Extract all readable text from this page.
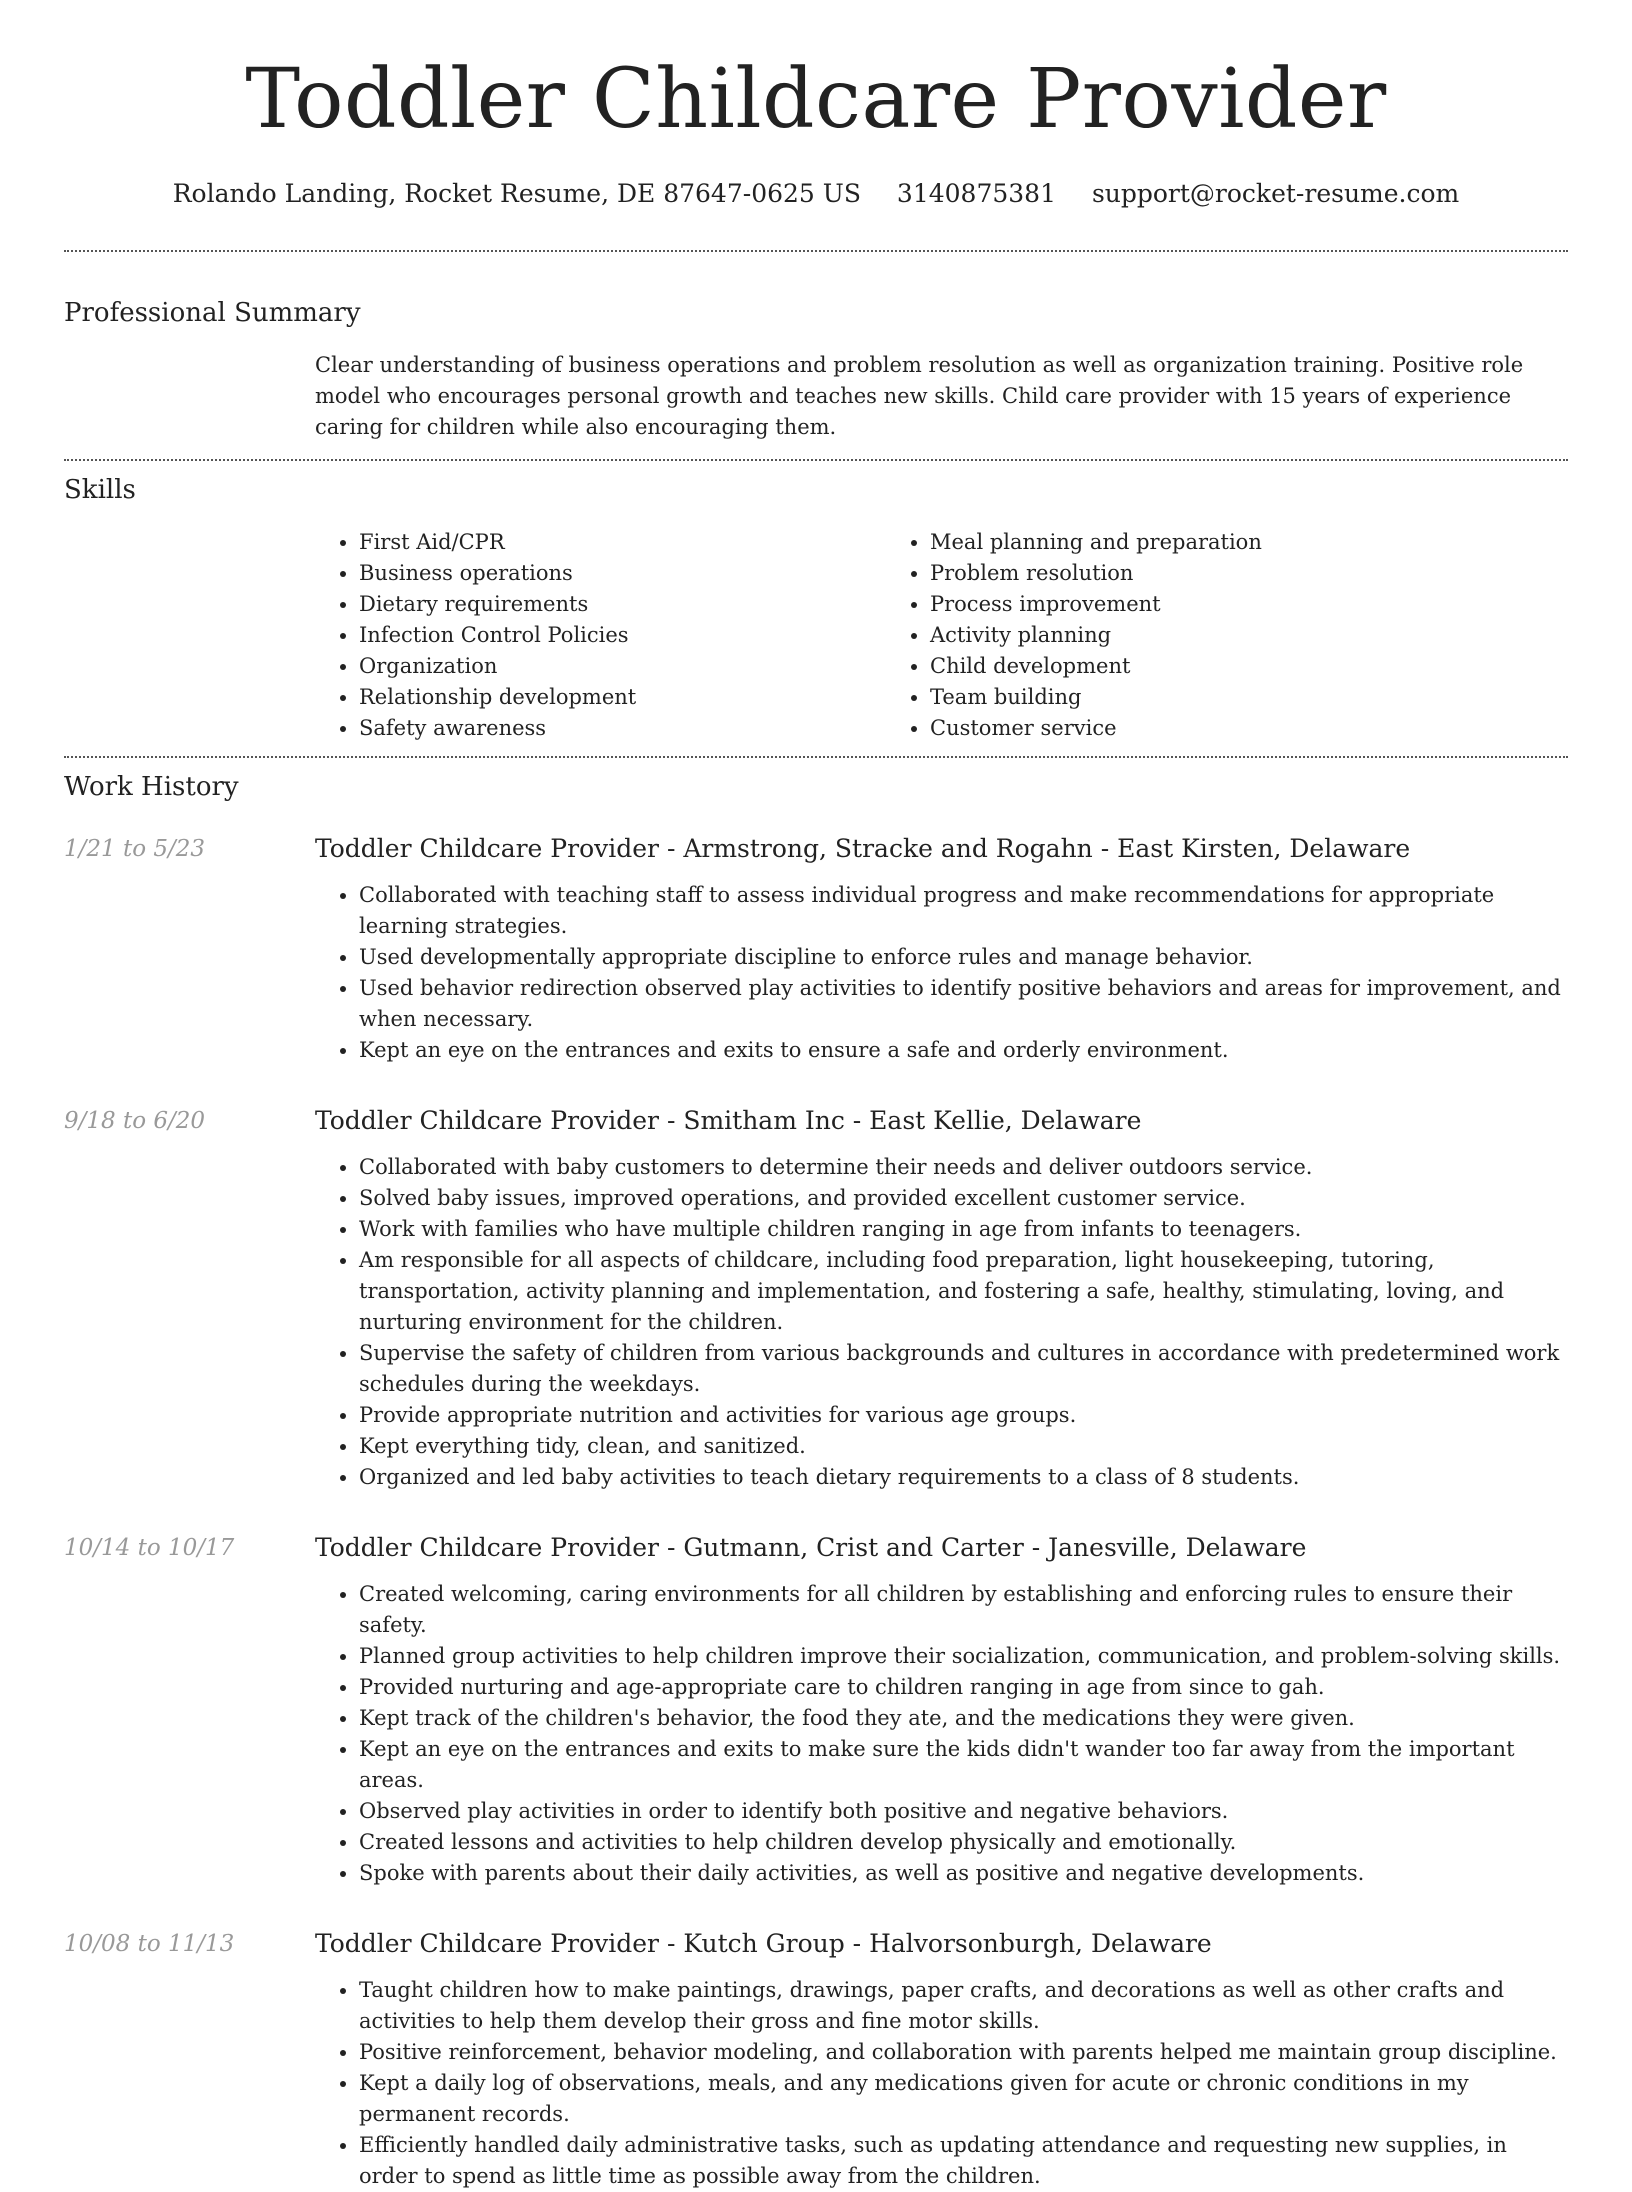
Toddler Childcare Provider
Rolando Landing, Rocket Resume, DE 87647-0625 US 3140875381 support@rocket-resume.com
Professional Summary
Clear understanding of business operations and problem resolution as well as organization training. Positive role model who encourages personal growth and teaches new skills. Child care provider with 15 years of experience caring for children while also encouraging them.
Skills
• First Aid/CPR
• Business operations
• Dietary requirements
• Infection Control Policies
• Organization
• Relationship development
• Safety awareness
• Meal planning and preparation
• Problem resolution
• Process improvement
• Activity planning
• Child development
• Team building
• Customer service
Work History
1/21 to 5/23	Toddler Childcare Provider - Armstrong, Stracke and Rogahn - East Kirsten, Delaware
• Collaborated with teaching staff to assess individual progress and make recommendations for appropriate learning strategies.
• Used developmentally appropriate discipline to enforce rules and manage behavior.
• Used behavior redirection observed play activities to identify positive behaviors and areas for improvement, and when necessary.
• Kept an eye on the entrances and exits to ensure a safe and orderly environment.
9/18 to 6/20	Toddler Childcare Provider - Smitham Inc - East Kellie, Delaware
• Collaborated with baby customers to determine their needs and deliver outdoors service.
• Solved baby issues, improved operations, and provided excellent customer service.
• Work with families who have multiple children ranging in age from infants to teenagers.
• Am responsible for all aspects of childcare, including food preparation, light housekeeping, tutoring, transportation, activity planning and implementation, and fostering a safe, healthy, stimulating, loving, and nurturing environment for the children.
• Supervise the safety of children from various backgrounds and cultures in accordance with predetermined work schedules during the weekdays.
• Provide appropriate nutrition and activities for various age groups.
• Kept everything tidy, clean, and sanitized.
• Organized and led baby activities to teach dietary requirements to a class of 8 students.
10/14 to 10/17	Toddler Childcare Provider - Gutmann, Crist and Carter - Janesville, Delaware
• Created welcoming, caring environments for all children by establishing and enforcing rules to ensure their safety.
• Planned group activities to help children improve their socialization, communication, and problem-solving skills.
• Provided nurturing and age-appropriate care to children ranging in age from since to gah.
• Kept track of the children's behavior, the food they ate, and the medications they were given.
• Kept an eye on the entrances and exits to make sure the kids didn't wander too far away from the important areas.
• Observed play activities in order to identify both positive and negative behaviors.
• Created lessons and activities to help children develop physically and emotionally.
• Spoke with parents about their daily activities, as well as positive and negative developments.
10/08 to 11/13	Toddler Childcare Provider - Kutch Group - Halvorsonburgh, Delaware
• Taught children how to make paintings, drawings, paper crafts, and decorations as well as other crafts and activities to help them develop their gross and fine motor skills.
• Positive reinforcement, behavior modeling, and collaboration with parents helped me maintain group discipline.
• Kept a daily log of observations, meals, and any medications given for acute or chronic conditions in my permanent records.
• Efficiently handled daily administrative tasks, such as updating attendance and requesting new supplies, in order to spend as little time as possible away from the children.
